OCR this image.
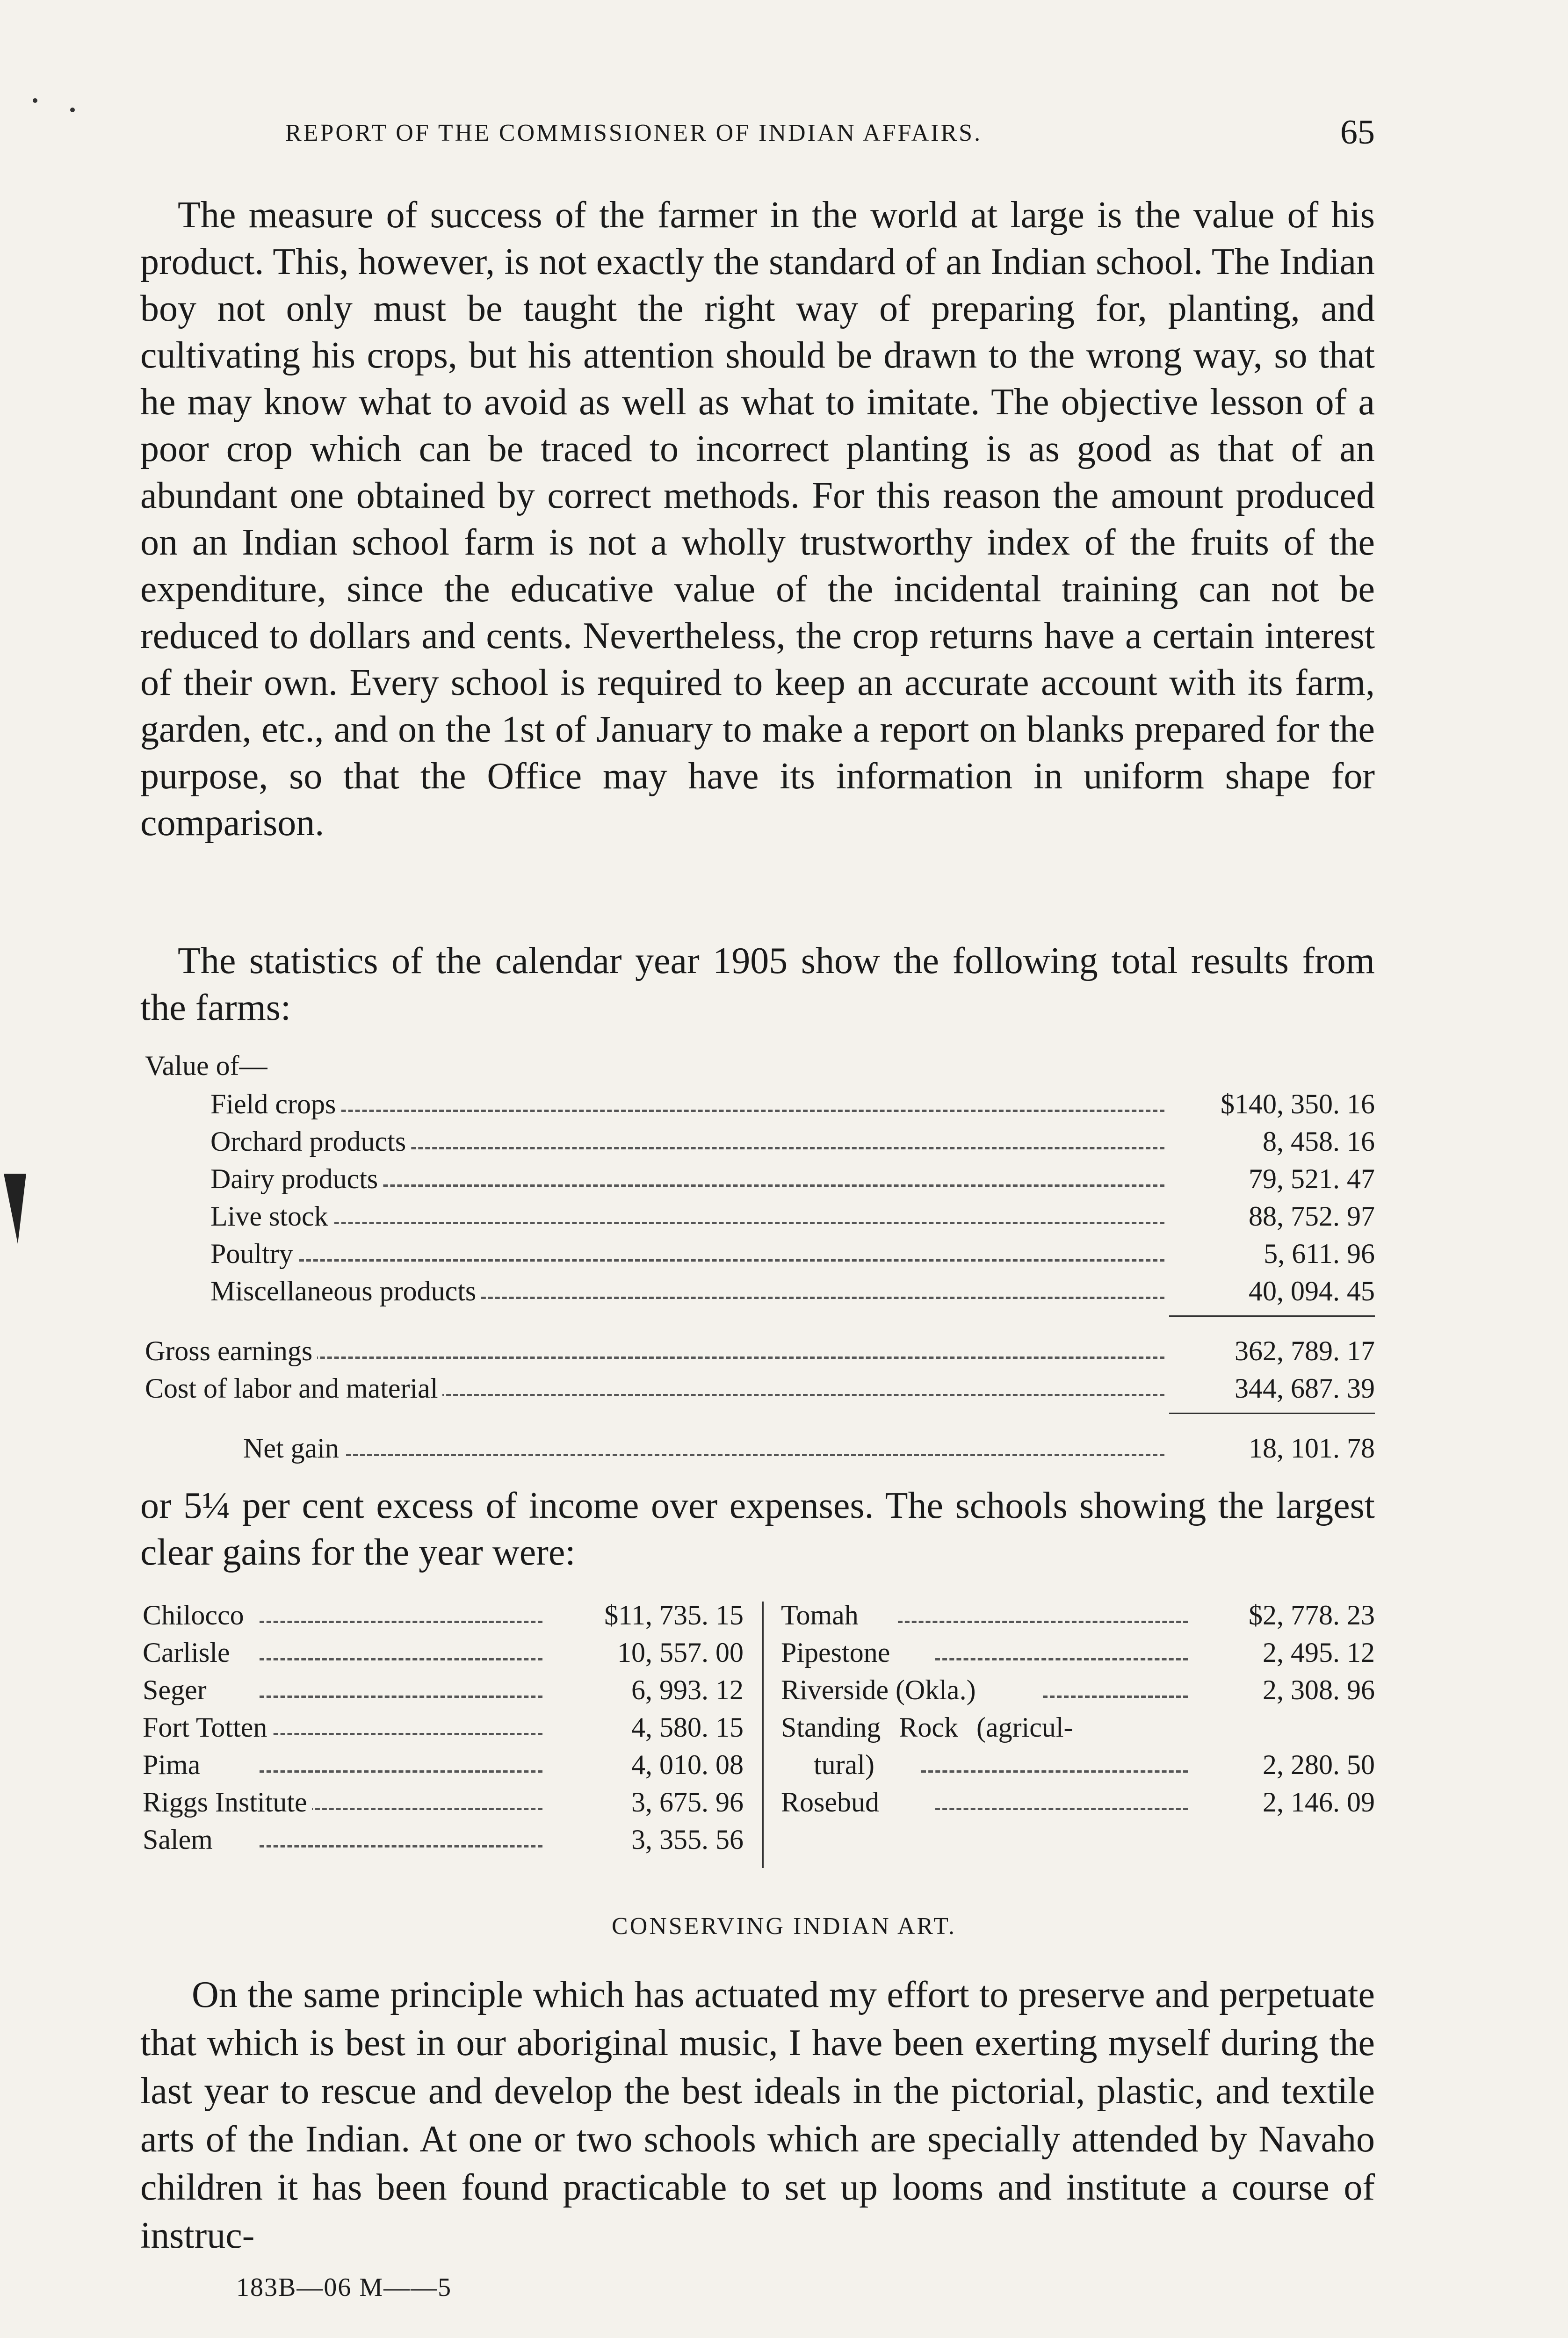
REPORT OF THE COMMISSIONER OF INDIAN AFFAIRS.	65

The measure of success of the farmer in the world at large is the value of his product. This, however, is not exactly the standard of an Indian school. The Indian boy not only must be taught the right way of preparing for, planting, and cultivating his crops, but his attention should be drawn to the wrong way, so that he may know what to avoid as well as what to imitate. The objective lesson of a poor crop which can be traced to incorrect planting is as good as that of an abundant one obtained by correct methods. For this reason the amount produced on an Indian school farm is not a wholly trustworthy index of the fruits of the expenditure, since the educative value of the incidental training can not be reduced to dollars and cents. Nevertheless, the crop returns have a certain interest of their own. Every school is required to keep an accurate account with its farm, garden, etc., and on the 1st of January to make a report on blanks prepared for the purpose, so that the Office may have its information in uniform shape for comparison.

The statistics of the calendar year 1905 show the following total results from the farms:

Value of—
Field crops	$140, 350. 16
Orchard products	8, 458. 16
Dairy products	79, 521. 47
Live stock	88, 752. 97
Poultry	5, 611. 96
Miscellaneous products	40, 094. 45
Gross earnings	362, 789. 17
Cost of labor and material	344, 687. 39
Net gain	18, 101. 78

or 5¼ per cent excess of income over expenses. The schools showing the largest clear gains for the year were:

Chilocco	$11, 735. 15
Carlisle	10, 557. 00
Seger	6, 993. 12
Fort Totten	4, 580. 15
Pima	4, 010. 08
Riggs Institute	3, 675. 96
Salem	3, 355. 56
Tomah	$2, 778. 23
Pipestone	2, 495. 12
Riverside (Okla.)	2, 308. 96
Standing Rock (agricul-
tural)	2, 280. 50
Rosebud	2, 146. 09
CONSERVING INDIAN ART.

On the same principle which has actuated my effort to preserve and perpetuate that which is best in our aboriginal music, I have been exerting myself during the last year to rescue and develop the best ideals in the pictorial, plastic, and textile arts of the Indian. At one or two schools which are specially attended by Navaho children it has been found practicable to set up looms and institute a course of instruc-

183B—06 M——5
